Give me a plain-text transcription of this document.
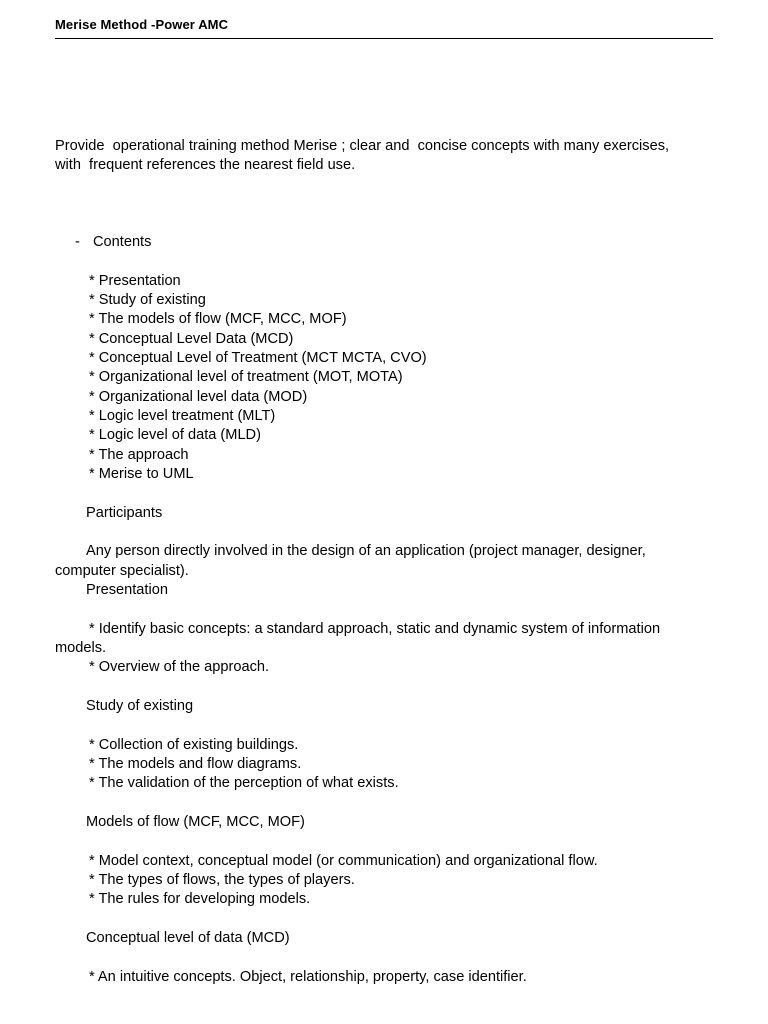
Merise Method -Power AMC
Provide  operational training method Merise ; clear and  concise concepts with many exercises,
with  frequent references the nearest field use.
- Contents
* Presentation
* Study of existing
* The models of flow (MCF, MCC, MOF)
* Conceptual Level Data (MCD)
* Conceptual Level of Treatment (MCT MCTA, CVO)
* Organizational level of treatment (MOT, MOTA)
* Organizational level data (MOD)
* Logic level treatment (MLT)
* Logic level of data (MLD)
* The approach
* Merise to UML
Participants
Any person directly involved in the design of an application (project manager, designer,
computer specialist).
Presentation
* Identify basic concepts: a standard approach, static and dynamic system of information
models.
* Overview of the approach.
Study of existing
* Collection of existing buildings.
* The models and flow diagrams.
* The validation of the perception of what exists.
Models of flow (MCF, MCC, MOF)
* Model context, conceptual model (or communication) and organizational flow.
* The types of flows, the types of players.
* The rules for developing models.
Conceptual level of data (MCD)
* An intuitive concepts. Object, relationship, property, case identifier.
